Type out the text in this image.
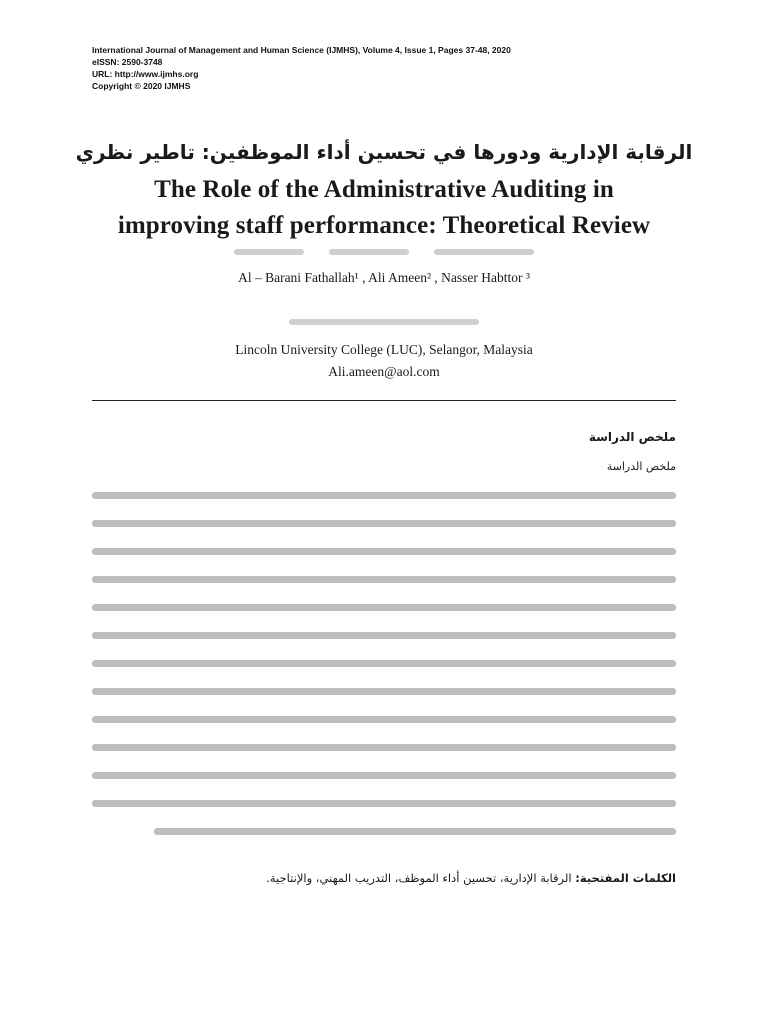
International Journal of Management and Human Science (IJMHS), Volume 4, Issue 1, Pages 37-48, 2020
eISSN: 2590-3748
URL: http://www.ijmhs.org
Copyright © 2020 IJMHS
الرقابة الإدارية ودورها في تحسين أداء الموظفين: تاطير نظري
The Role of the Administrative Auditing in
improving staff performance: Theoretical Review
Al – Barani Fathallah¹ , Ali Ameen² , Nasser Habttor ³
Lincoln University College (LUC), Selangor, Malaysia
Ali.ameen@aol.com
ملخص الدراسة
ملخص الدراسة
الكلمات المفتحية: الرقابة الإدارية، تحسين أداء الموظف، التدريب المهني، والإنتاجية.
